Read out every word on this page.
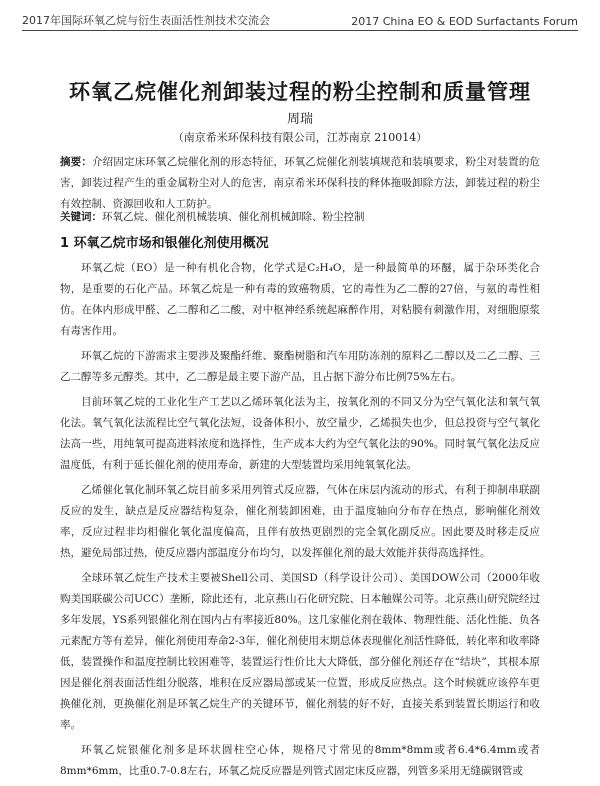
2017年国际环氧乙烷与衍生表面活性剂技术交流会	2017 China EO & EOD Surfactants Forum
环氧乙烷催化剂卸装过程的粉尘控制和质量管理
周瑞
（南京希米环保科技有限公司，江苏南京 210014）

摘要：介绍固定床环氧乙烷催化剂的形态特征，环氧乙烷催化剂装填规范和装填要求，粉尘对装置的危害，卸装过程产生的重金属粉尘对人的危害，南京希米环保科技的释体拖吸卸除方法，卸装过程的粉尘有效控制、资源回收和人工防护。

关键词：环氧乙烷、催化剂机械装填、催化剂机械卸除、粉尘控制

1 环氧乙烷市场和银催化剂使用概况

环氧乙烷（EO）是一种有机化合物，化学式是C₂H₄O，是一种最简单的环醚，属于杂环类化合物，是重要的石化产品。环氧乙烷是一种有毒的致癌物质，它的毒性为乙二醇的27倍，与氨的毒性相仿。在体内形成甲醛、乙二醇和乙二酸，对中枢神经系统起麻醉作用，对粘膜有刺激作用，对细胞原浆有毒害作用。

环氧乙烷的下游需求主要涉及聚酯纤维、聚酯树脂和汽车用防冻剂的原料乙二醇以及二乙二醇、三乙二醇等多元醇类。其中，乙二醇是最主要下游产品，且占据下游分布比例75%左右。

目前环氧乙烷的工业化生产工艺以乙烯环氧化法为主，按氧化剂的不同又分为空气氧化法和氧气氧化法。氧气氧化法流程比空气氧化法短，设备体积小，放空量少，乙烯损失也少，但总投资与空气氧化法高一些，用纯氧可提高进料浓度和选择性，生产成本大约为空气氧化法的90%。同时氧气氧化法反应温度低，有利于延长催化剂的使用寿命，新建的大型装置均采用纯氧氧化法。

乙烯催化氧化制环氧乙烷目前多采用列管式反应器，气体在床层内流动的形式，有利于抑制串联副反应的发生，缺点是反应器结构复杂，催化剂装卸困难，由于温度轴向分布存在热点，影响催化剂效率，反应过程非均相催化氧化温度偏高，且伴有放热更剧烈的完全氧化副反应。因此要及时移走反应热，避免局部过热，使反应器内部温度分布均匀，以发挥催化剂的最大效能并获得高选择性。

全球环氧乙烷生产技术主要被Shell公司、美国SD（科学设计公司）、美国DOW公司（2000年收购美国联碳公司UCC）垄断，除此还有，北京燕山石化研究院、日本触媒公司等。北京燕山研究院经过多年发展，YS系列银催化剂在国内占有率接近80%。这几家催化剂在载体、物理性能、活化性能、负各元素配方等有差异，催化剂使用寿命2-3年，催化剂使用末期总体表现催化剂活性降低，转化率和收率降低，装置操作和温度控制比较困难等，装置运行性价比大大降低，部分催化剂还存在“结块”，其根本原因是催化剂表面活性组分脱落，堆积在反应器局部或某一位置，形成反应热点。这个时候就应该停车更换催化剂，更换催化剂是环氧乙烷生产的关键环节，催化剂装的好不好，直接关系到装置长期运行和收率。

环氧乙烷银催化剂多是环状圆柱空心体，规格尺寸常见的8mm*8mm或者6.4*6.4mm或者8mm*6mm，比重0.7-0.8左右，环氧乙烷反应器是列管式固定床反应器，列管多采用无缝碳钢管或
